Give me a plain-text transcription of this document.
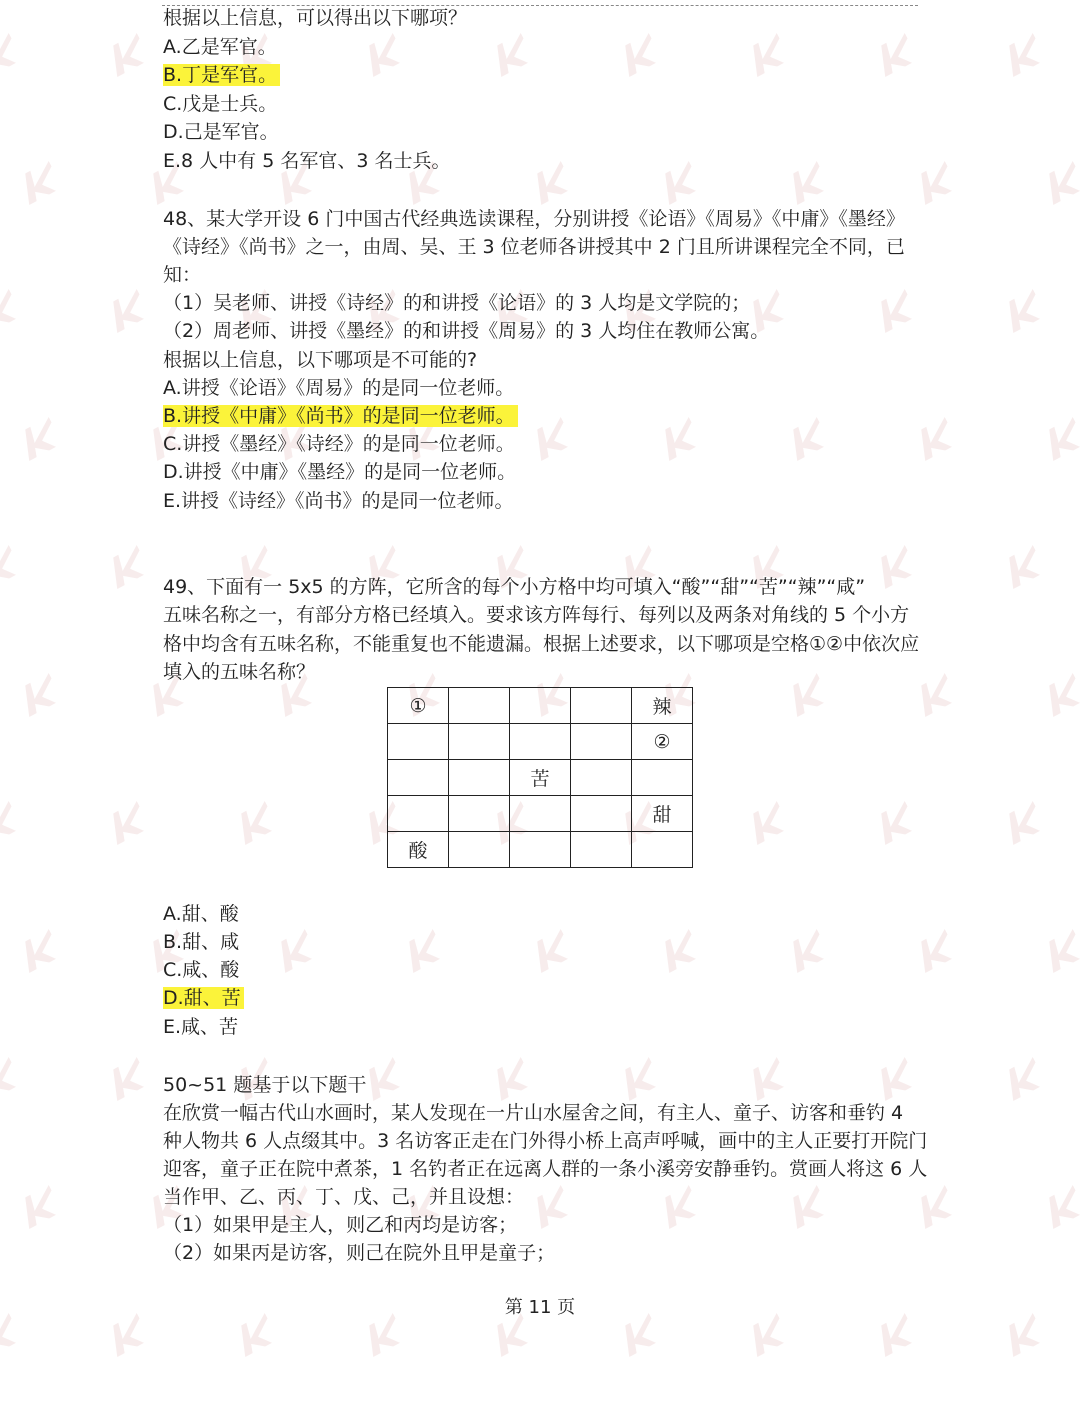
根据以上信息，可以得出以下哪项？
A.乙是军官。
B.丁是军官。
C.戊是士兵。
D.己是军官。
E.8 人中有 5 名军官、3 名士兵。
48、某大学开设 6 门中国古代经典选读课程，分别讲授《论语》《周易》《中庸》《墨经》
《诗经》《尚书》之一，由周、吴、王 3 位老师各讲授其中 2 门且所讲课程完全不同，已
知：
（1）吴老师、讲授《诗经》的和讲授《论语》的 3 人均是文学院的；
（2）周老师、讲授《墨经》的和讲授《周易》的 3 人均住在教师公寓。
根据以上信息，以下哪项是不可能的?
A.讲授《论语》《周易》的是同一位老师。
B.讲授《中庸》《尚书》的是同一位老师。
C.讲授《墨经》《诗经》的是同一位老师。
D.讲授《中庸》《墨经》的是同一位老师。
E.讲授《诗经》《尚书》的是同一位老师。
49、下面有一 5x5 的方阵，它所含的每个小方格中均可填入“酸”“甜”“苦”“辣”“咸”
五味名称之一，有部分方格已经填入。要求该方阵每行、每列以及两条对角线的 5 个小方
格中均含有五味名称，不能重复也不能遗漏。根据上述要求，以下哪项是空格①②中依次应
填入的五味名称？
①				辣
				②
		苦		
				甜
酸				
A.甜、酸
B.甜、咸
C.咸、酸
D.甜、苦
E.咸、苦
50~51 题基于以下题干
在欣赏一幅古代山水画时，某人发现在一片山水屋舍之间，有主人、童子、访客和垂钓 4
种人物共 6 人点缀其中。3 名访客正走在门外得小桥上高声呼喊，画中的主人正要打开院门
迎客，童子正在院中煮茶，1 名钓者正在远离人群的一条小溪旁安静垂钓。赏画人将这 6 人
当作甲、乙、丙、丁、戊、己，并且设想：
（1）如果甲是主人，则乙和丙均是访客；
（2）如果丙是访客，则己在院外且甲是童子；
第 11 页
